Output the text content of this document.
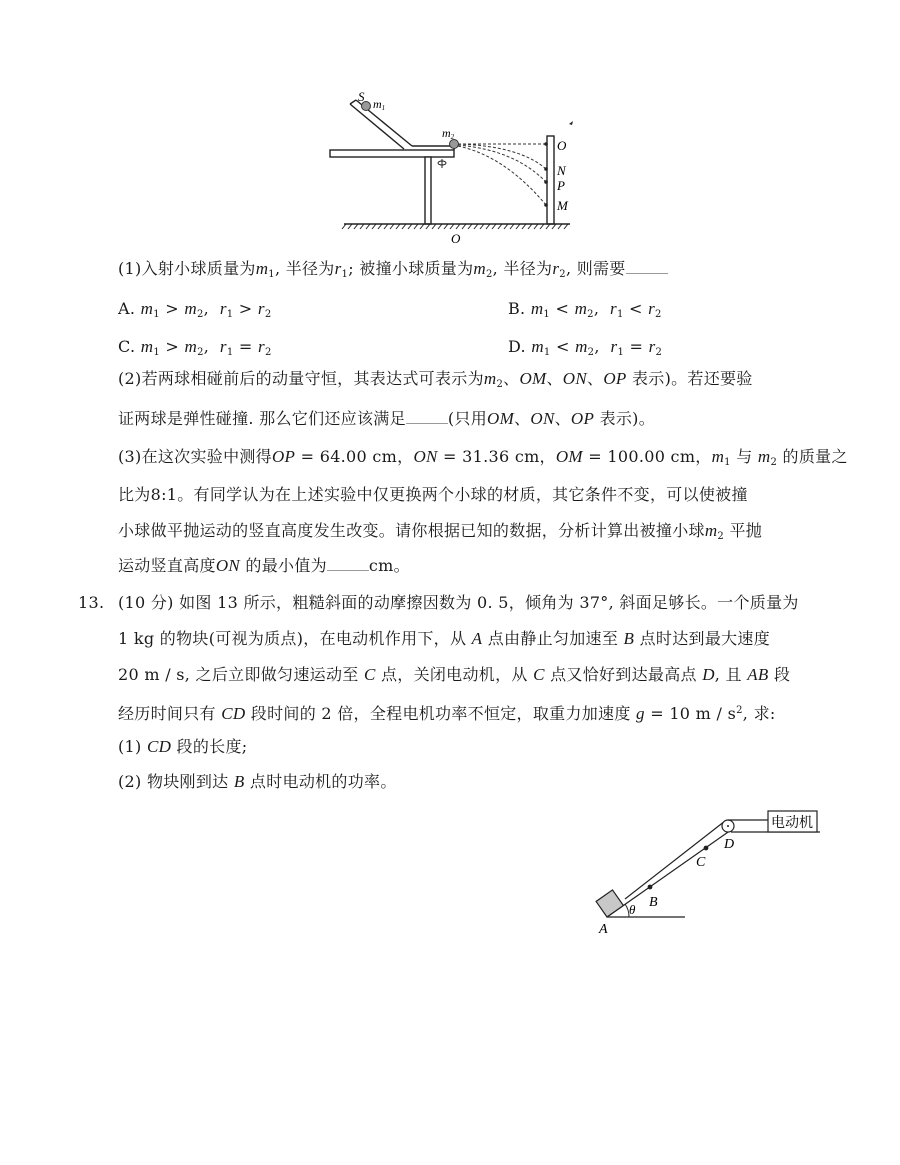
S m1
m2
O
N
P
M
O
(1)入射小球质量为$m_1$, 半径为$r_1$; 被撞小球质量为$m_2$, 半径为$r_2$, 则需要
A. $m_1 > m_2$,  $r_1 > r_2$	B. $m_1 < m_2$,  $r_1 < r_2$
C. $m_1 > m_2$,  $r_1 = r_2$	D. $m_1 < m_2$,  $r_1 = r_2$
(2)若两球相碰前后的动量守恒，其表达式可表示为$m_2$、OM、ON、OP 表示)。若还要验
证两球是弹性碰撞. 那么它们还应该满足	(只用OM、ON、OP 表示)。
(3)在这次实验中测得OP = 64.00 cm，ON = 31.36 cm，OM = 100.00 cm，$m_1$ 与 $m_2$ 的质量之
比为8:1。有同学认为在上述实验中仅更换两个小球的材质，其它条件不变，可以使被撞
小球做平抛运动的竖直高度发生改变。请你根据已知的数据，分析计算出被撞小球$m_2$ 平抛
运动竖直高度ON 的最小值为	cm。
13. (10 分) 如图 13 所示，粗糙斜面的动摩擦因数为 0. 5，倾角为 37°, 斜面足够长。一个质量为
1 kg 的物块(可视为质点)，在电动机作用下，从 A 点由静止匀加速至 B 点时达到最大速度
20 m / s, 之后立即做匀速运动至 C 点，关闭电动机，从 C 点又恰好到达最高点 D, 且 AB 段
经历时间只有 CD 段时间的 2 倍，全程电机功率不恒定，取重力加速度 g = 10 m / $s^2$, 求:
(1) CD 段的长度;
(2) 物块刚到达 B 点时电动机的功率。
电动机
θ
A
B
C
D
